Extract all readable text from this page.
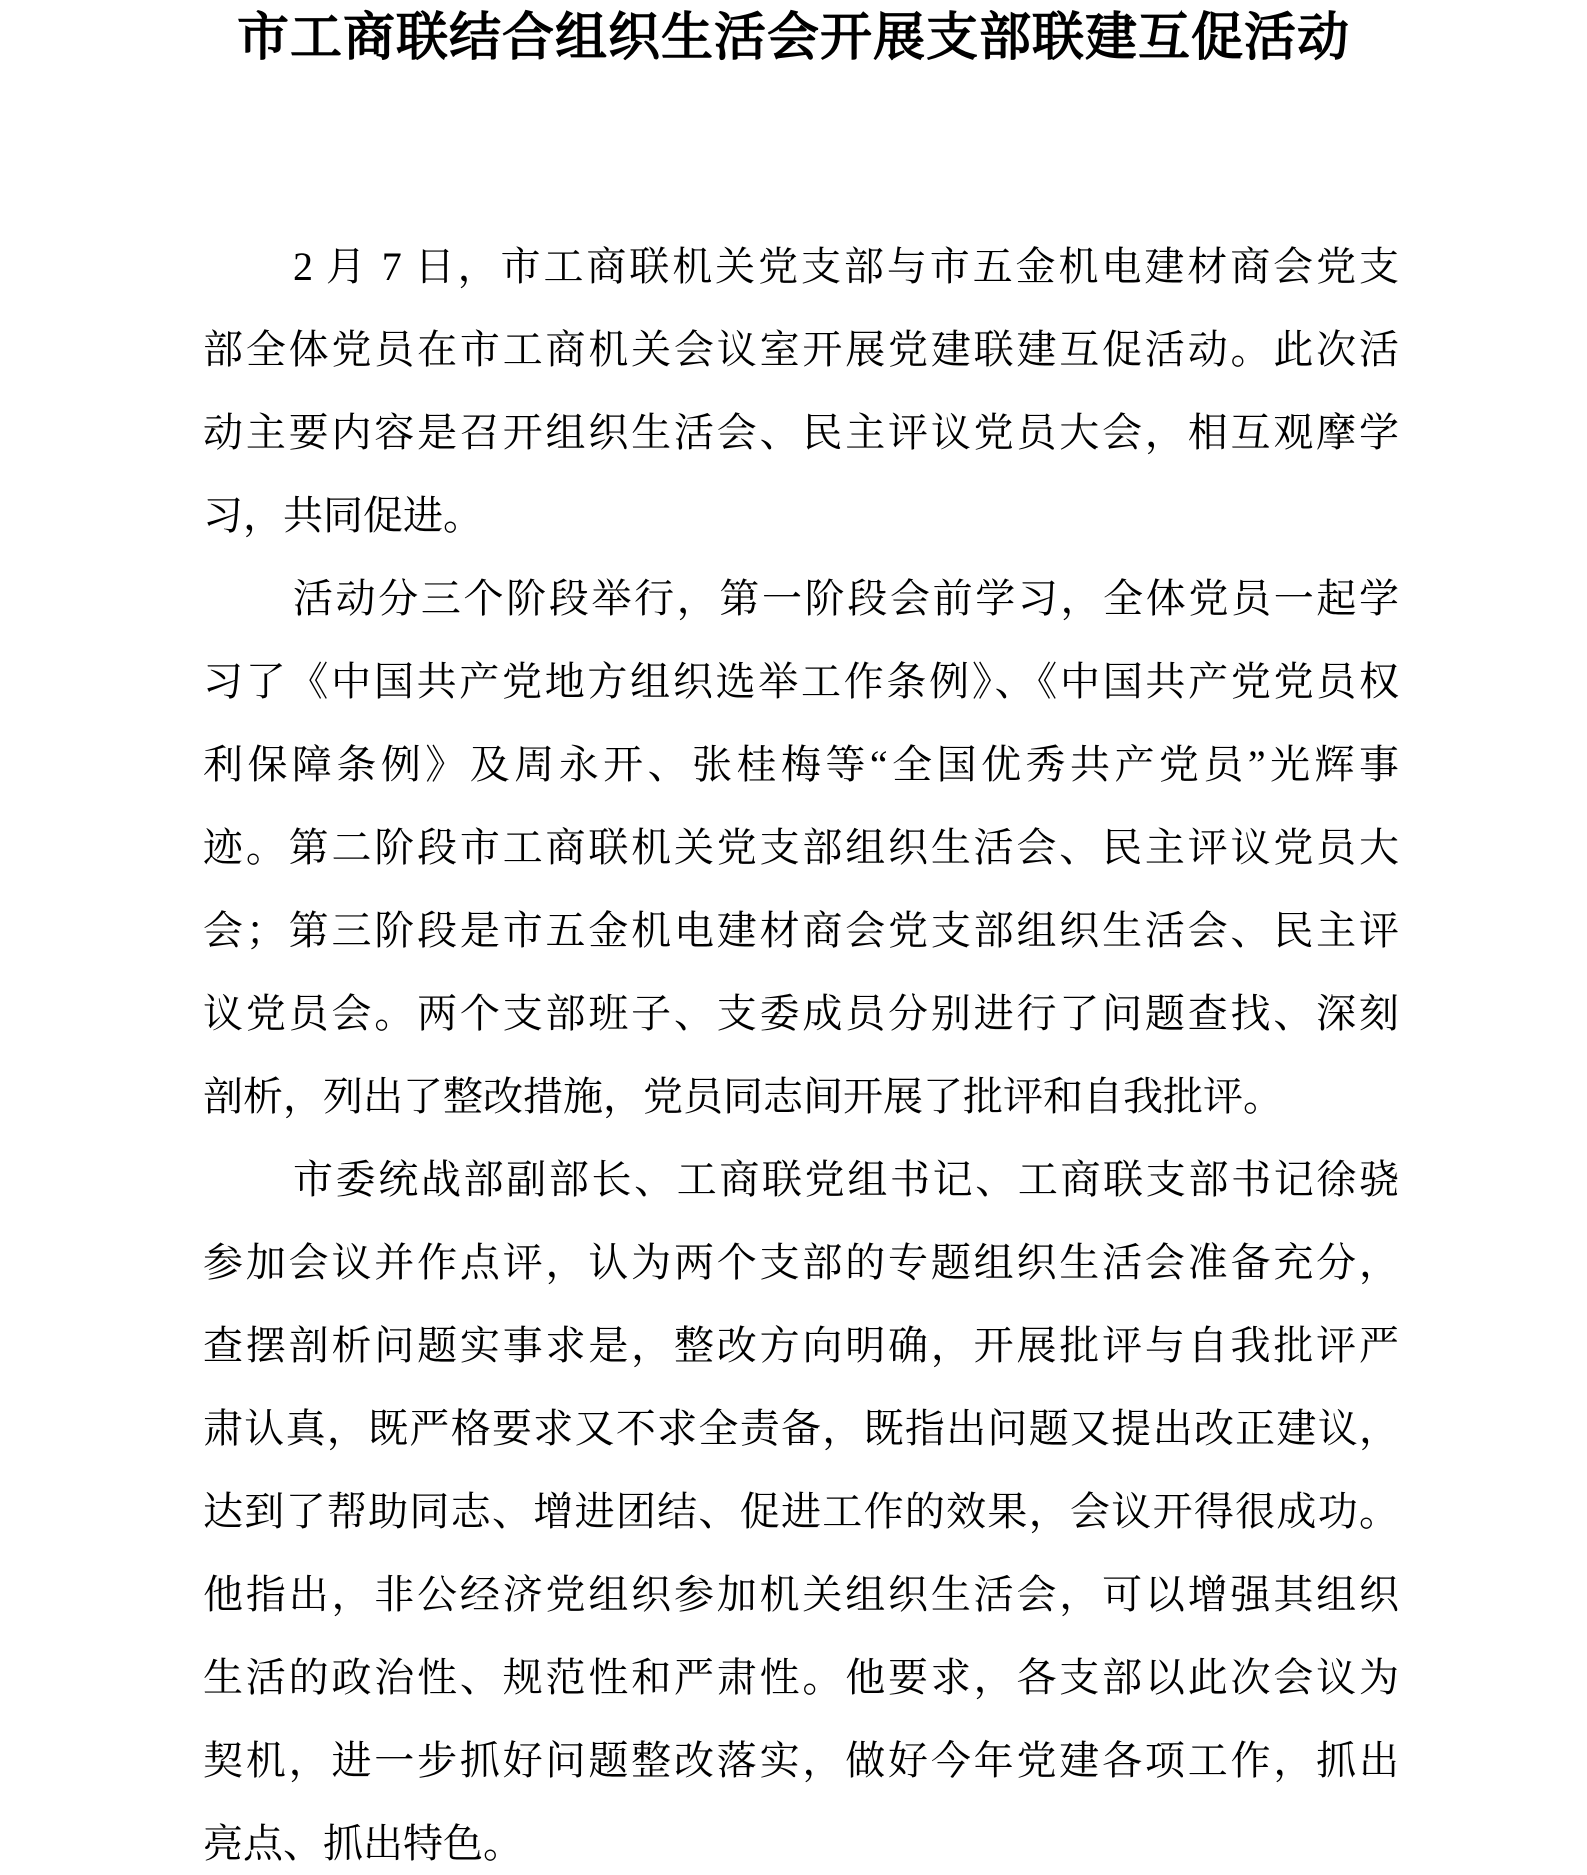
市工商联结合组织生活会开展支部联建互促活动
2 月 7 日，市工商联机关党支部与市五金机电建材商会党支
部全体党员在市工商机关会议室开展党建联建互促活动。此次活
动主要内容是召开组织生活会、民主评议党员大会，相互观摩学
习，共同促进。
活动分三个阶段举行，第一阶段会前学习，全体党员一起学
习了《中国共产党地方组织选举工作条例》、《中国共产党党员权
利保障条例》及周永开、张桂梅等“全国优秀共产党员”光辉事
迹。第二阶段市工商联机关党支部组织生活会、民主评议党员大
会；第三阶段是市五金机电建材商会党支部组织生活会、民主评
议党员会。两个支部班子、支委成员分别进行了问题查找、深刻
剖析，列出了整改措施，党员同志间开展了批评和自我批评。
市委统战部副部长、工商联党组书记、工商联支部书记徐骁
参加会议并作点评，认为两个支部的专题组织生活会准备充分，
查摆剖析问题实事求是，整改方向明确，开展批评与自我批评严
肃认真，既严格要求又不求全责备，既指出问题又提出改正建议，
达到了帮助同志、增进团结、促进工作的效果，会议开得很成功。
他指出，非公经济党组织参加机关组织生活会，可以增强其组织
生活的政治性、规范性和严肃性。他要求，各支部以此次会议为
契机，进一步抓好问题整改落实，做好今年党建各项工作，抓出
亮点、抓出特色。
